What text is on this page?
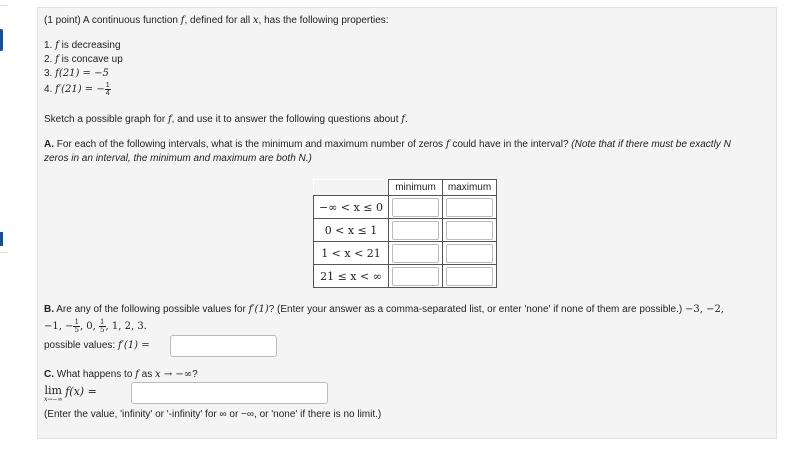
(1 point) A continuous function f, defined for all x, has the following properties:
1. f is decreasing
2. f is concave up
3. f(21) = −5
4. f′(21) = − $\frac{1}{4}$
Sketch a possible graph for f, and use it to answer the following questions about f.
A. For each of the following intervals, what is the minimum and maximum number of zeros f could have in the interval? (Note that if there must be exactly N
zeros in an interval, the minimum and maximum are both N.)
	minimum	maximum
−∞ < x ≤ 0		
0 < x ≤ 1		
1 < x < 21		
21 ≤ x < ∞		
B. Are any of the following possible values for f′(1)? (Enter your answer as a comma-separated list, or enter 'none' if none of them are possible.) −3, −2,
−1, − $\frac{1}{5}$ , 0, $\frac{1}{5}$ , 1, 2, 3.
possible values: f′(1) =
C. What happens to f as x → −∞?
lim
x→−∞
f(x) =
(Enter the value, 'infinity' or '-infinity' for ∞ or −∞, or 'none' if there is no limit.)
